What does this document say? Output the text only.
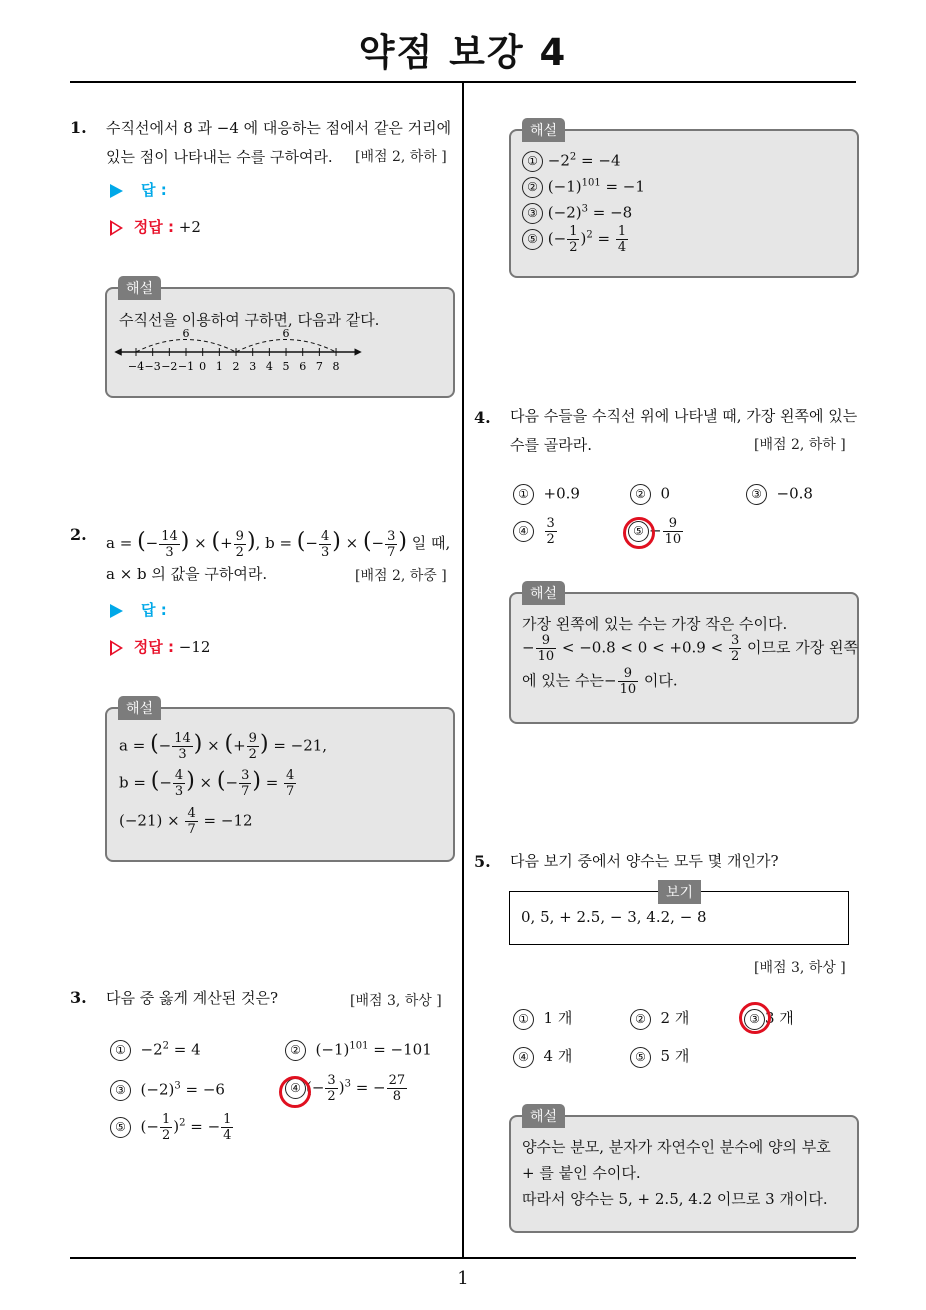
약점 보강 4
1
1. 수직선에서 8 과 −4 에 대응하는 점에서 같은 거리에
있는 점이 나타내는 수를 구하여라.	[배점 2, 하하 ]
답 :
정답 : +2
해설
수직선을 이용하여 구하면, 다음과 같다.
−4 −3 −2 −1 0 1 2 3 4 5 6 7 8
6	6
2. a = (− $\frac{14}{3}$ ) × (+ $\frac{9}{2}$ ), b = (− $\frac{4}{3}$ ) × (− $\frac{3}{7}$ ) 일 때,
a × b 의 값을 구하여라.	[배점 2, 하중 ]
답 :
정답 : −12
해설
a = (− $\frac{14}{3}$ ) × (+ $\frac{9}{2}$ ) = −21,
b = (− $\frac{4}{3}$ ) × (− $\frac{3}{7}$ ) = $\frac{4}{7}$
$(-21) \times \frac{4}{7} = -12$
3. 다음 중 옳게 계산된 것은?	[배점 3, 하상 ]
①  $-2^2 = 4$	②  $(-1)^{101} = -101$
③  $(-2)^3 = -6$	④ (− $\frac{3}{2} )^3$ = − $\frac{27}{8}$
⑤  (− $\frac{1}{2} )^2$ = − $\frac{1}{4}$
해설
① $-2^2 = -4$
② $(-1)^{101} = -1$
③ $(-2)^3 = -8$
⑤ (− $\frac{1}{2} )^2 = \frac{1}{4}$
4. 다음 수들을 수직선 위에 나타낼 때, 가장 왼쪽에 있는
수를 골라라.	[배점 2, 하하 ]
①  +0.9	②  0	③  −0.8
④ $\frac{3}{2}$	⑤ − $\frac{9}{10}$
해설
가장 왼쪽에 있는 수는 가장 작은 수이다.
− $\frac{9}{10} < -0.8 < 0 < +0.9 < \frac{3}{2}$ 이므로 가장 왼쪽
에 있는 수는− $\frac{9}{10}$ 이다.
5. 다음 보기 중에서 양수는 모두 몇 개인가?
보기
0, 5, + 2.5, − 3, 4.2, − 8
[배점 3, 하상 ]
① 1 개	② 2 개	③ 3 개
④ 4 개	⑤ 5 개
해설
양수는 분모, 분자가 자연수인 분수에 양의 부호
+ 를 붙인 수이다.
따라서 양수는 5, + 2.5, 4.2 이므로 3 개이다.
